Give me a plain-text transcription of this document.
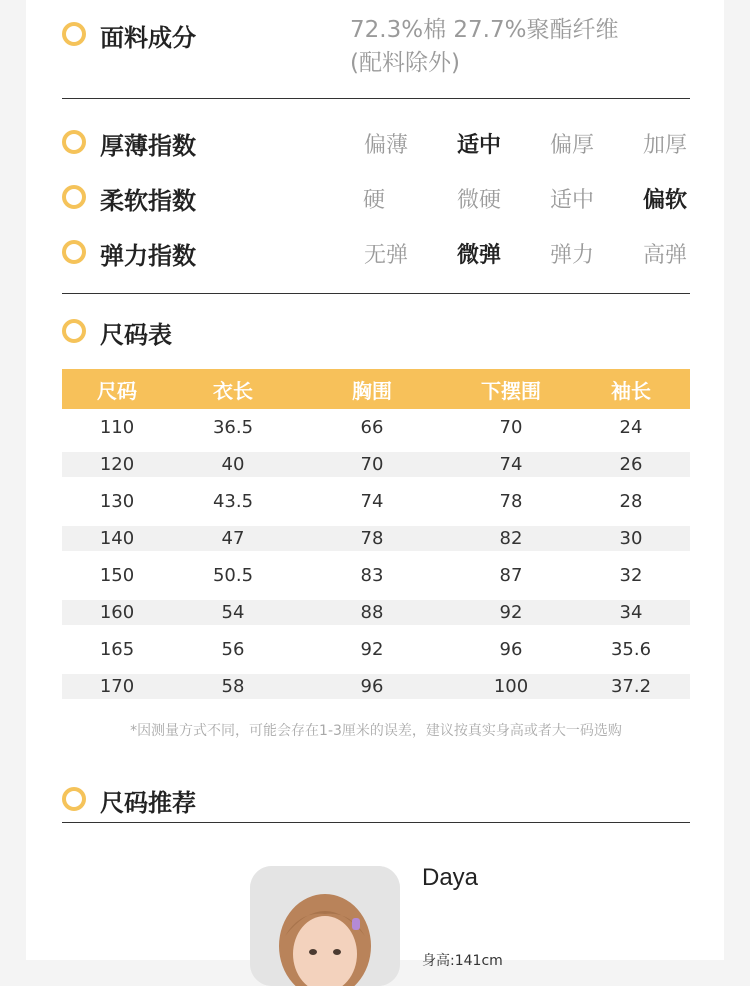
面料成分	72.3%棉 27.7%聚酯纤维
(配料除外)
厚薄指数	偏薄	适中	偏厚	加厚
柔软指数	硬	微硬	适中	偏软
弹力指数	无弹	微弹	弹力	高弹
尺码表
尺码	衣长	胸围	下摆围	袖长
110	36.5	66	70	24
120	40	70	74	26
130	43.5	74	78	28
140	47	78	82	30
150	50.5	83	87	32
160	54	88	92	34
165	56	92	96	35.6
170	58	96	100	37.2
*因测量方式不同，可能会存在1-3厘米的误差，建议按真实身高或者大一码选购
尺码推荐
Daya
身高:141cm
